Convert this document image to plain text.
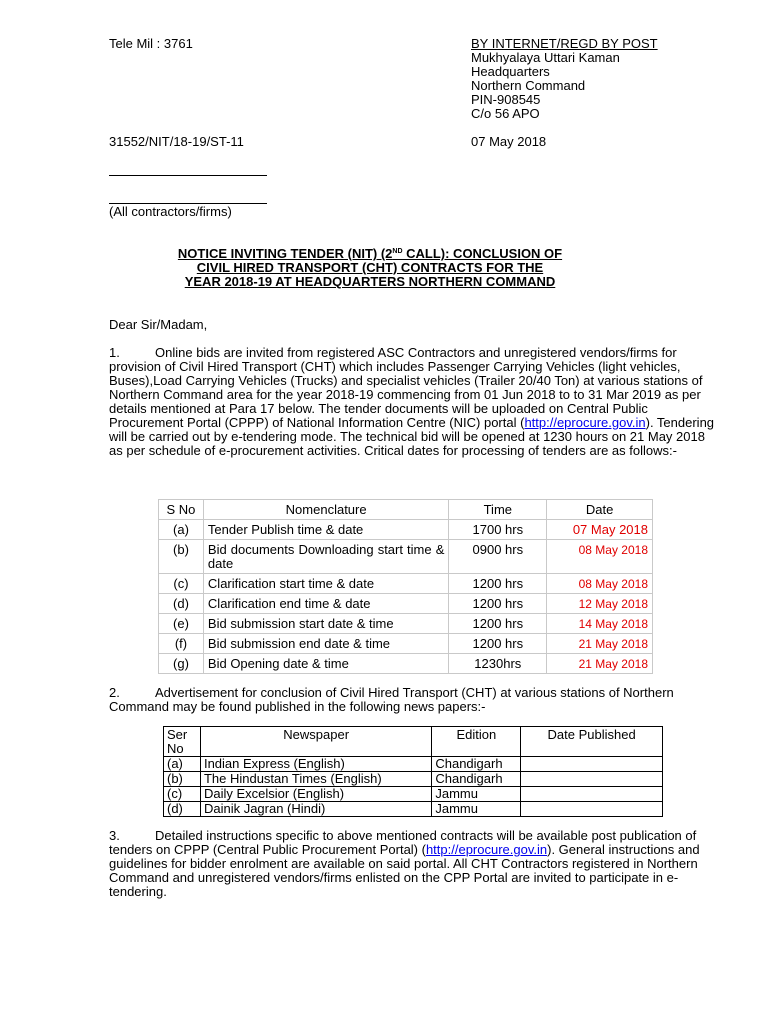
Tele Mil : 3761	BY INTERNET/REGD BY POST
Mukhyalaya Uttari Kaman
Headquarters
Northern Command
PIN-908545
C/o 56 APO
31552/NIT/18-19/ST-11	07 May 2018
(All contractors/firms)
NOTICE INVITING TENDER (NIT) (2ND CALL): CONCLUSION OF
CIVIL HIRED TRANSPORT (CHT) CONTRACTS FOR THE
YEAR 2018-19 AT HEADQUARTERS NORTHERN COMMAND
Dear Sir/Madam,
1.	Online bids are invited from registered ASC Contractors and unregistered vendors/firms for provision of Civil Hired Transport (CHT) which includes Passenger Carrying Vehicles (light vehicles, Buses),Load Carrying Vehicles (Trucks) and specialist vehicles (Trailer 20/40 Ton) at various stations of Northern Command area for the year 2018-19 commencing from 01 Jun 2018 to to 31 Mar 2019 as per details mentioned at Para 17 below. The tender documents will be uploaded on Central Public Procurement Portal (CPPP) of National Information Centre (NIC) portal (http://eprocure.gov.in). Tendering will be carried out by e-tendering mode. The technical bid will be opened at 1230 hours on 21 May 2018 as per schedule of e-procurement activities. Critical dates for processing of tenders are as follows:-
S No	Nomenclature	Time	Date
(a)	Tender Publish time & date	1700 hrs	07 May 2018
(b)	Bid documents Downloading start time & date	0900 hrs	08 May 2018
(c)	Clarification start time & date	1200 hrs	08 May 2018
(d)	Clarification end time & date	1200 hrs	12 May 2018
(e)	Bid submission start date & time	1200 hrs	14 May 2018
(f)	Bid submission end date & time	1200 hrs	21 May 2018
(g)	Bid Opening date & time	1230hrs	21 May 2018
2.	Advertisement for conclusion of Civil Hired Transport (CHT) at various stations of Northern Command may be found published in the following news papers:-
Ser No	Newspaper	Edition	Date Published
(a)	Indian Express (English)	Chandigarh	
(b)	The Hindustan Times (English)	Chandigarh	
(c)	Daily Excelsior (English)	Jammu	
(d)	Dainik Jagran (Hindi)	Jammu	
3.	Detailed instructions specific to above mentioned contracts will be available post publication of tenders on CPPP (Central Public Procurement Portal) (http://eprocure.gov.in). General instructions and guidelines for bidder enrolment are available on said portal. All CHT Contractors registered in Northern Command and unregistered vendors/firms enlisted on the CPP Portal are invited to participate in e-tendering.
